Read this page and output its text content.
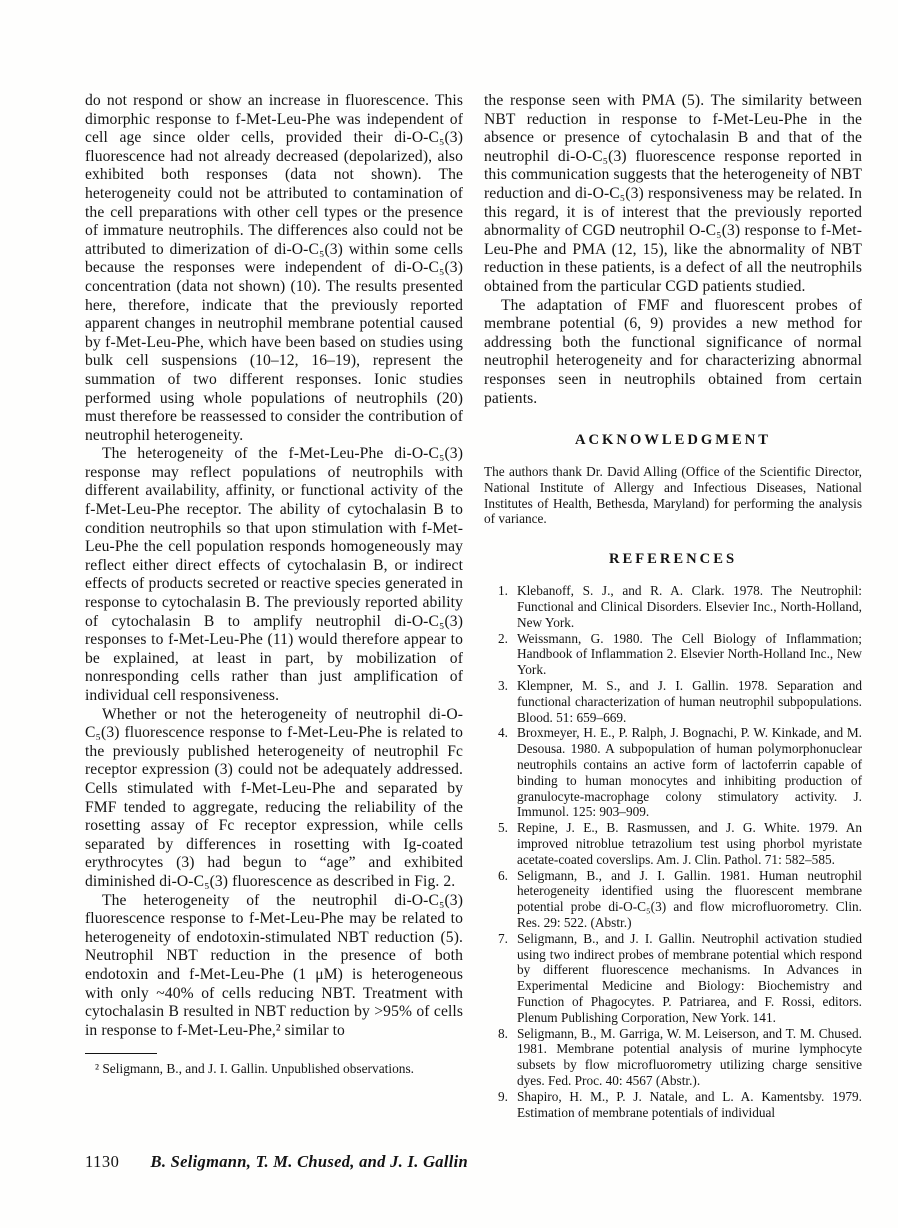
do not respond or show an increase in fluorescence. This dimorphic response to f-Met-Leu-Phe was independent of cell age since older cells, provided their di-O-C₅(3) fluorescence had not already decreased (depolarized), also exhibited both responses (data not shown). The heterogeneity could not be attributed to contamination of the cell preparations with other cell types or the presence of immature neutrophils. The differences also could not be attributed to dimerization of di-O-C₅(3) within some cells because the responses were independent of di-O-C₅(3) concentration (data not shown) (10). The results presented here, therefore, indicate that the previously reported apparent changes in neutrophil membrane potential caused by f-Met-Leu-Phe, which have been based on studies using bulk cell suspensions (10–12, 16–19), represent the summation of two different responses. Ionic studies performed using whole populations of neutrophils (20) must therefore be reassessed to consider the contribution of neutrophil heterogeneity.

The heterogeneity of the f-Met-Leu-Phe di-O-C₅(3) response may reflect populations of neutrophils with different availability, affinity, or functional activity of the f-Met-Leu-Phe receptor. The ability of cytochalasin B to condition neutrophils so that upon stimulation with f-Met-Leu-Phe the cell population responds homogeneously may reflect either direct effects of cytochalasin B, or indirect effects of products secreted or reactive species generated in response to cytochalasin B. The previously reported ability of cytochalasin B to amplify neutrophil di-O-C₅(3) responses to f-Met-Leu-Phe (11) would therefore appear to be explained, at least in part, by mobilization of nonresponding cells rather than just amplification of individual cell responsiveness.

Whether or not the heterogeneity of neutrophil di-O-C₅(3) fluorescence response to f-Met-Leu-Phe is related to the previously published heterogeneity of neutrophil Fc receptor expression (3) could not be adequately addressed. Cells stimulated with f-Met-Leu-Phe and separated by FMF tended to aggregate, reducing the reliability of the rosetting assay of Fc receptor expression, while cells separated by differences in rosetting with Ig-coated erythrocytes (3) had begun to “age” and exhibited diminished di-O-C₅(3) fluorescence as described in Fig. 2.

The heterogeneity of the neutrophil di-O-C₅(3) fluorescence response to f-Met-Leu-Phe may be related to heterogeneity of endotoxin-stimulated NBT reduction (5). Neutrophil NBT reduction in the presence of both endotoxin and f-Met-Leu-Phe (1 μM) is heterogeneous with only ~40% of cells reducing NBT. Treatment with cytochalasin B resulted in NBT reduction by >95% of cells in response to f-Met-Leu-Phe,² similar to

² Seligmann, B., and J. I. Gallin. Unpublished observations.

the response seen with PMA (5). The similarity between NBT reduction in response to f-Met-Leu-Phe in the absence or presence of cytochalasin B and that of the neutrophil di-O-C₅(3) fluorescence response reported in this communication suggests that the heterogeneity of NBT reduction and di-O-C₅(3) responsiveness may be related. In this regard, it is of interest that the previously reported abnormality of CGD neutrophil O-C₅(3) response to f-Met-Leu-Phe and PMA (12, 15), like the abnormality of NBT reduction in these patients, is a defect of all the neutrophils obtained from the particular CGD patients studied.

The adaptation of FMF and fluorescent probes of membrane potential (6, 9) provides a new method for addressing both the functional significance of normal neutrophil heterogeneity and for characterizing abnormal responses seen in neutrophils obtained from certain patients.

ACKNOWLEDGMENT

The authors thank Dr. David Alling (Office of the Scientific Director, National Institute of Allergy and Infectious Diseases, National Institutes of Health, Bethesda, Maryland) for performing the analysis of variance.

REFERENCES
1. Klebanoff, S. J., and R. A. Clark. 1978. The Neutrophil: Functional and Clinical Disorders. Elsevier Inc., North-Holland, New York.
2. Weissmann, G. 1980. The Cell Biology of Inflammation; Handbook of Inflammation 2. Elsevier North-Holland Inc., New York.
3. Klempner, M. S., and J. I. Gallin. 1978. Separation and functional characterization of human neutrophil subpopulations. Blood. 51: 659–669.
4. Broxmeyer, H. E., P. Ralph, J. Bognachi, P. W. Kinkade, and M. Desousa. 1980. A subpopulation of human polymorphonuclear neutrophils contains an active form of lactoferrin capable of binding to human monocytes and inhibiting production of granulocyte-macrophage colony stimulatory activity. J. Immunol. 125: 903–909.
5. Repine, J. E., B. Rasmussen, and J. G. White. 1979. An improved nitroblue tetrazolium test using phorbol myristate acetate-coated coverslips. Am. J. Clin. Pathol. 71: 582–585.
6. Seligmann, B., and J. I. Gallin. 1981. Human neutrophil heterogeneity identified using the fluorescent membrane potential probe di-O-C₅(3) and flow microfluorometry. Clin. Res. 29: 522. (Abstr.)
7. Seligmann, B., and J. I. Gallin. Neutrophil activation studied using two indirect probes of membrane potential which respond by different fluorescence mechanisms. In Advances in Experimental Medicine and Biology: Biochemistry and Function of Phagocytes. P. Patriarea, and F. Rossi, editors. Plenum Publishing Corporation, New York. 141.
8. Seligmann, B., M. Garriga, W. M. Leiserson, and T. M. Chused. 1981. Membrane potential analysis of murine lymphocyte subsets by flow microfluorometry utilizing charge sensitive dyes. Fed. Proc. 40: 4567 (Abstr.).
9. Shapiro, H. M., P. J. Natale, and L. A. Kamentsby. 1979. Estimation of membrane potentials of individual
1130 B. Seligmann, T. M. Chused, and J. I. Gallin
